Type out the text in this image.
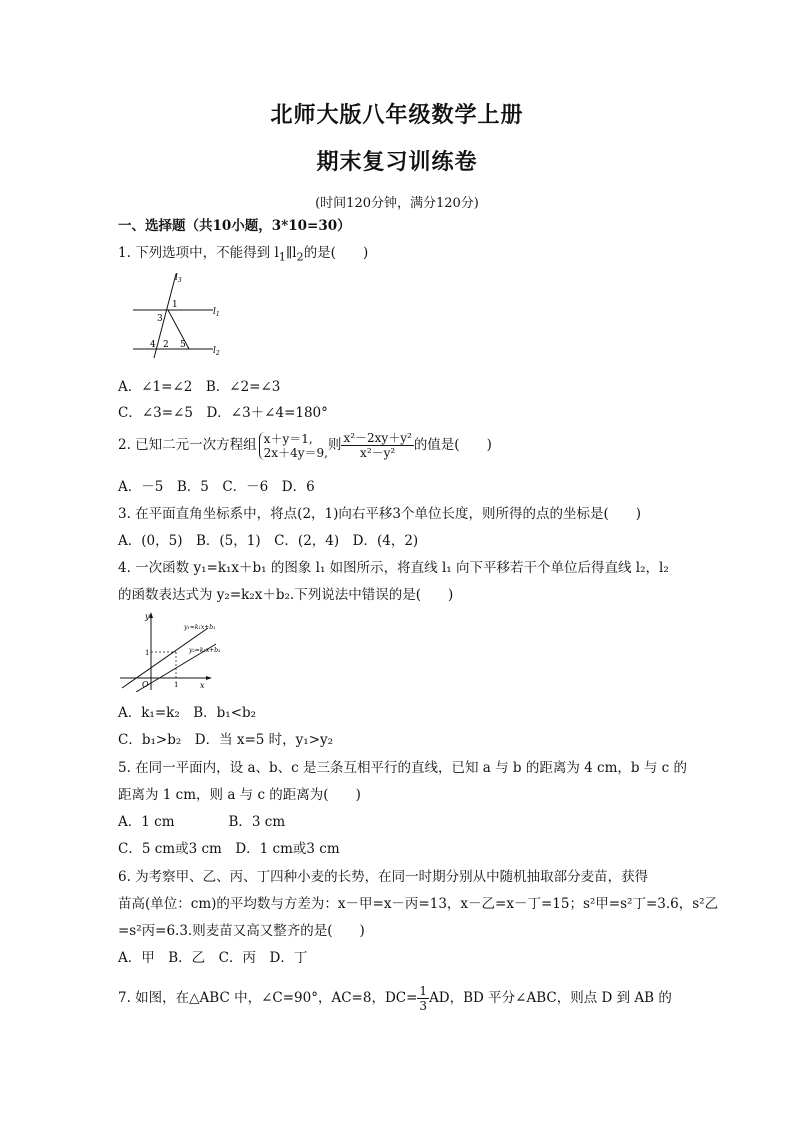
北师大版八年级数学上册
期末复习训练卷
(时间120分钟，满分120分)
一、选择题（共10小题，3*10=30）
1. 下列选项中，不能得到 $l_1\parallel l_2$的是(　　)
$l_3$
$l_1$
$l_2$
1
3
4 2 5
A．∠1=∠2　B．∠2=∠3
C．∠3=∠5　D．∠3＋∠4=180°
2. 已知二元一次方程组 x＋y＝1,
2x＋4y＝9, 则 $\frac{\text{x²－2xy＋y²}}{\text{x²－y²}}$ 的值是(　　)
A．－5　B．5　C．－6　D．6
3. 在平面直角坐标系中，将点(2，1)向右平移3个单位长度，则所得的点的坐标是(　　)
A．(0，5)　B．(5，1)　C．(2，4)　D．(4，2)
4. 一次函数 y₁=k₁x＋b₁ 的图象 l₁ 如图所示，将直线 l₁ 向下平移若干个单位后得直线 l₂，l₂
的函数表达式为 y₂=k₂x＋b₂.下列说法中错误的是(　　)
y
x
O
1
1
y₁=k₁x+b₁
y₂=k₂x+b₂
A．k₁=k₂　B．b₁<b₂
C．b₁>b₂　D．当 x=5 时，y₁>y₂
5. 在同一平面内，设 a、b、c 是三条互相平行的直线，已知 a 与 b 的距离为 4 cm，b 与 c 的
距离为 1 cm，则 a 与 c 的距离为(　　)
A．1 cm　　　　B．3 cm
C．5 cm或3 cm　D．1 cm或3 cm
6. 为考察甲、乙、丙、丁四种小麦的长势，在同一时期分别从中随机抽取部分麦苗，获得
苗高(单位：cm)的平均数与方差为：x－甲=x－丙=13，x－乙=x－丁=15；s²甲=s²丁=3.6，s²乙
=s²丙=6.3.则麦苗又高又整齐的是(　　)
A．甲　B．乙　C．丙　D．丁
7. 如图，在△ABC 中，∠C=90°，AC=8，$DC= \frac{1}{3}$ AD，BD 平分∠ABC，则点 D 到 AB 的
